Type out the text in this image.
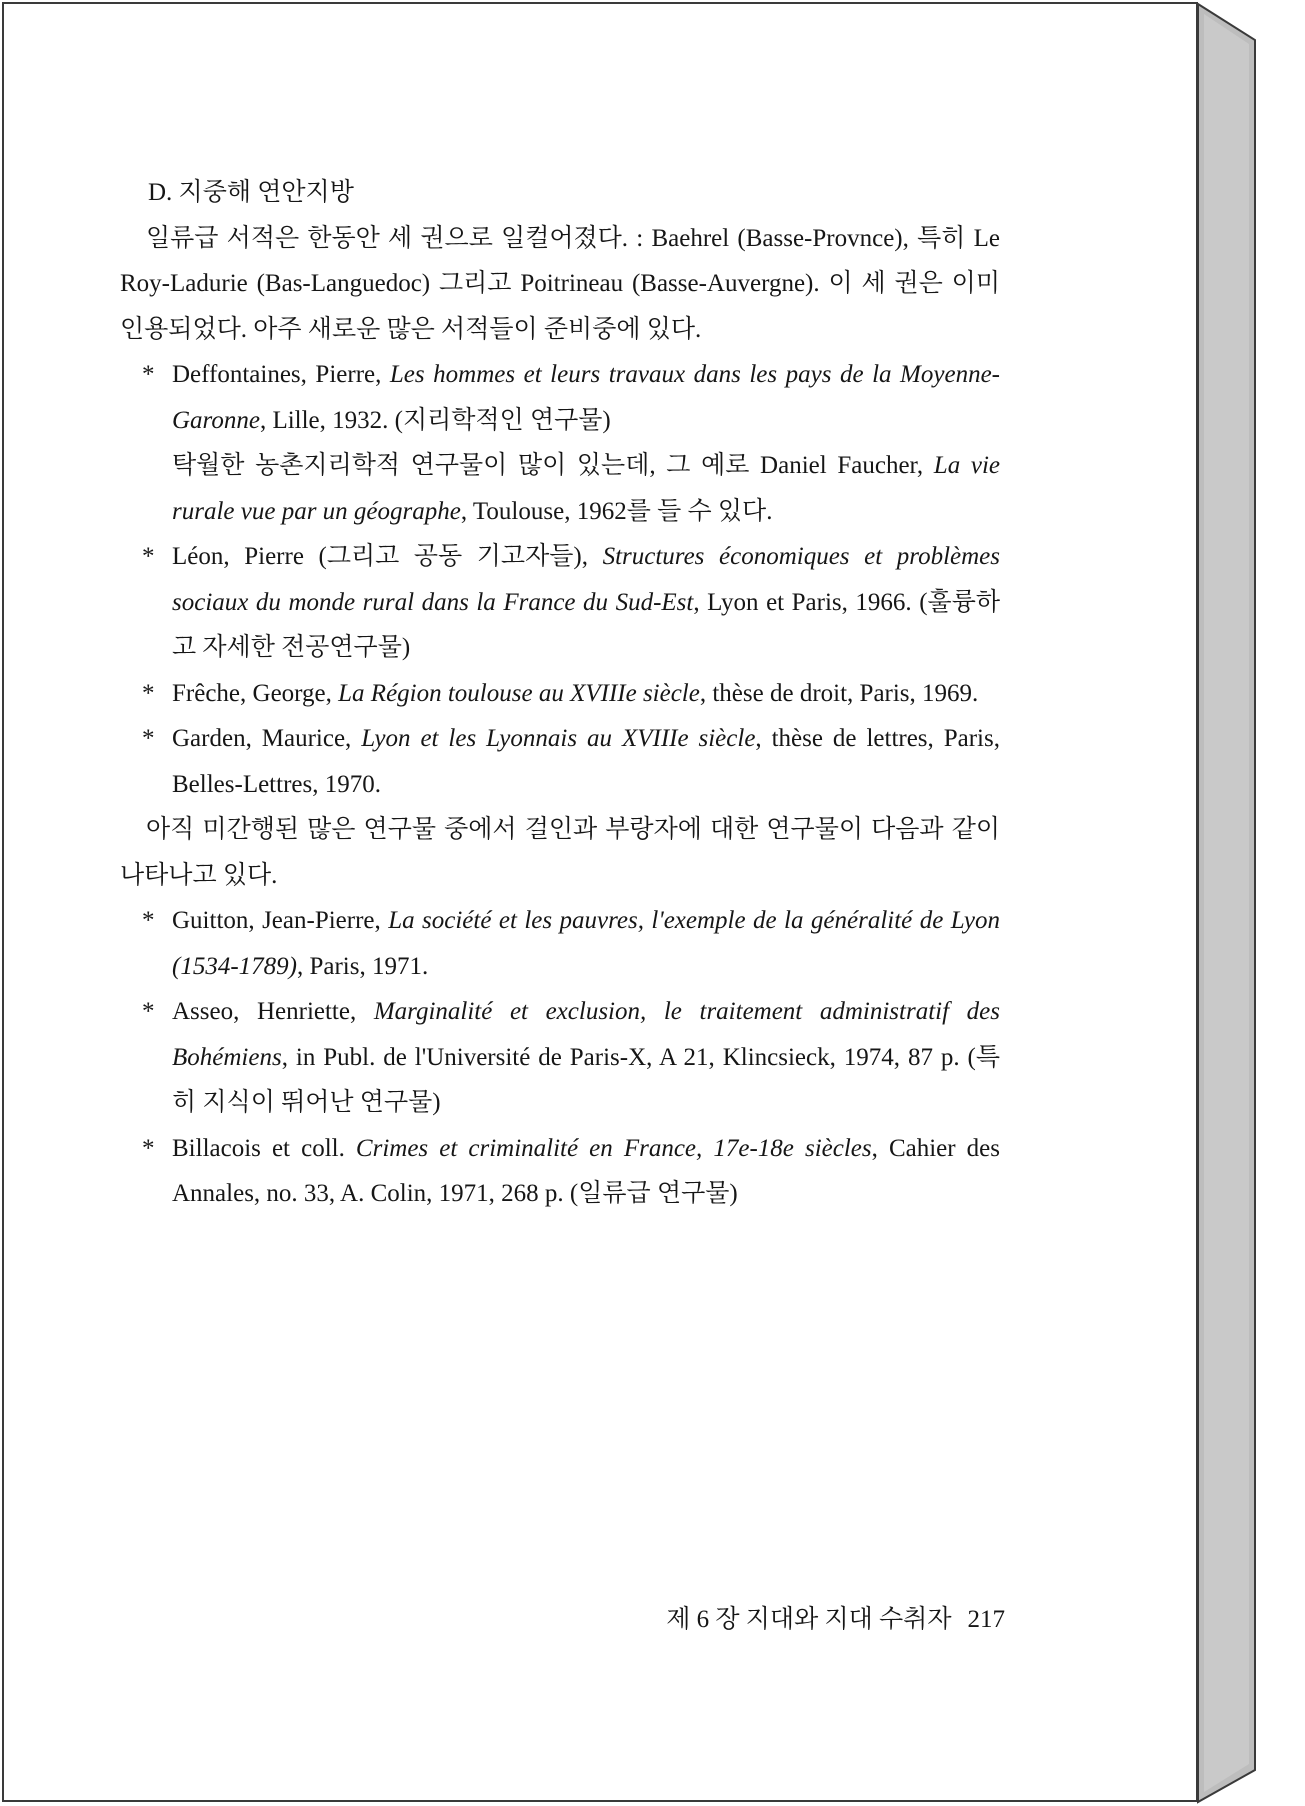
D. 지중해 연안지방
일류급 서적은 한동안 세 권으로 일컬어졌다. : Baehrel (Basse-Provnce), 특히 Le Roy-Ladurie (Bas-Languedoc) 그리고 Poitrineau (Basse-Auvergne). 이 세 권은 이미 인용되었다. 아주 새로운 많은 서적들이 준비중에 있다.
* Deffontaines, Pierre, Les hommes et leurs travaux dans les pays de la Moyenne-Garonne, Lille, 1932. (지리학적인 연구물)
탁월한 농촌지리학적 연구물이 많이 있는데, 그 예로 Daniel Faucher, La vie rurale vue par un géographe, Toulouse, 1962를 들 수 있다.
* Léon, Pierre (그리고 공동 기고자들), Structures économiques et problèmes sociaux du monde rural dans la France du Sud-Est, Lyon et Paris, 1966. (훌륭하고 자세한 전공연구물)
* Frêche, George, La Région toulouse au XVIIIe siècle, thèse de droit, Paris, 1969.
* Garden, Maurice, Lyon et les Lyonnais au XVIIIe siècle, thèse de lettres, Paris, Belles-Lettres, 1970.
아직 미간행된 많은 연구물 중에서 걸인과 부랑자에 대한 연구물이 다음과 같이 나타나고 있다.
* Guitton, Jean-Pierre, La société et les pauvres, l'exemple de la généralité de Lyon (1534-1789), Paris, 1971.
* Asseo, Henriette, Marginalité et exclusion, le traitement administratif des Bohémiens, in Publ. de l'Université de Paris-X, A 21, Klincsieck, 1974, 87 p. (특히 지식이 뛰어난 연구물)
* Billacois et coll. Crimes et criminalité en France, 17e-18e siècles, Cahier des Annales, no. 33, A. Colin, 1971, 268 p. (일류급 연구물)
제 6 장 지대와 지대 수취자 217
